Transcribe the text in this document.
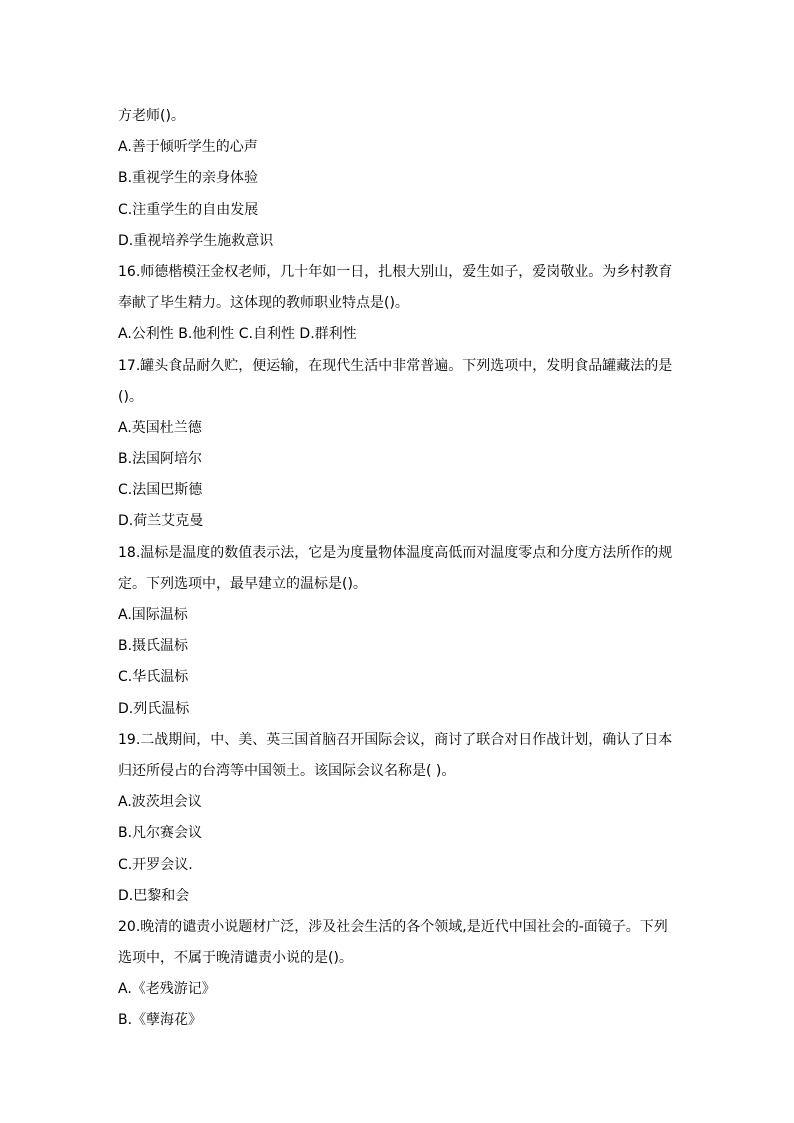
方老师()。
A.善于倾听学生的心声
B.重视学生的亲身体验
C.注重学生的自由发展
D.重视培养学生施救意识
16.师德楷模汪金权老师，几十年如一日，扎根大别山，爱生如子，爱岗敬业。为乡村教育
奉献了毕生精力。这体现的教师职业特点是()。
A.公利性 B.他利性 C.自利性 D.群利性
17.罐头食品耐久贮，便运输，在现代生活中非常普遍。下列选项中，发明食品罐藏法的是
()。
A.英国杜兰德
B.法国阿培尔
C.法国巴斯德
D.荷兰艾克曼
18.温标是温度的数值表示法，它是为度量物体温度高低而对温度零点和分度方法所作的规
定。下列选项中，最早建立的温标是()。
A.国际温标
B.摄氏温标
C.华氏温标
D.列氏温标
19.二战期间，中、美、英三国首脑召开国际会议，商讨了联合对日作战计划，确认了日本
归还所侵占的台湾等中国领土。该国际会议名称是( )。
A.波茨坦会议
B.凡尔赛会议
C.开罗会议.
D.巴黎和会
20.晚清的谴责小说题材广泛，涉及社会生活的各个领域,是近代中国社会的-面镜子。下列
选项中，不属于晚清谴责小说的是()。
A.《老残游记》
B.《孽海花》
